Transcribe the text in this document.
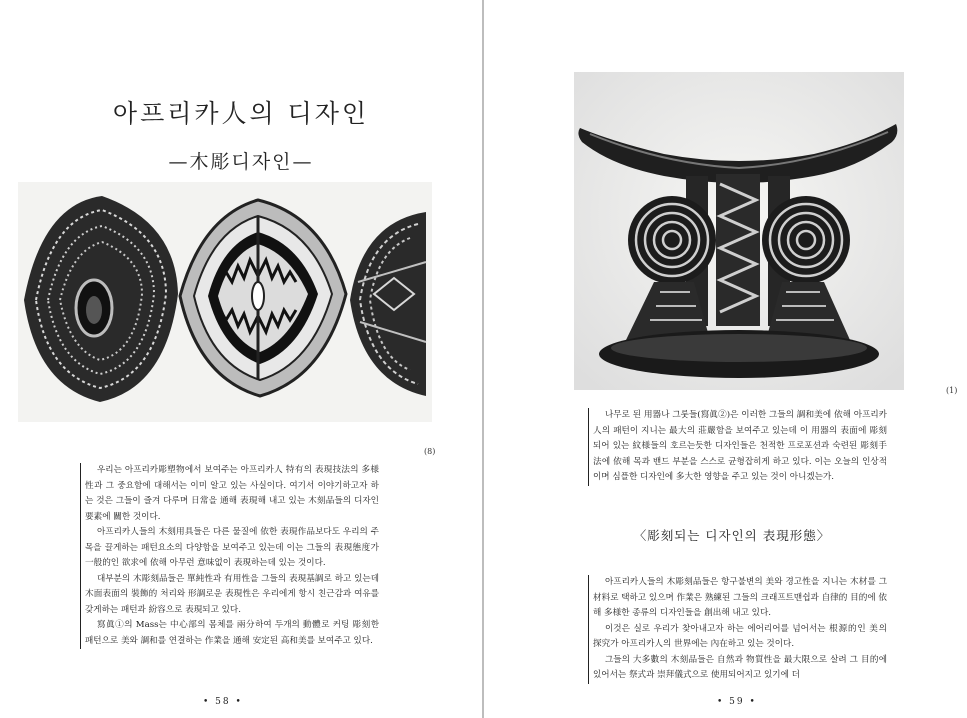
아프리카人의 디자인
—木彫디자인—
(8)

우리는 아프리카彫塑物에서 보여주는 아프리카人 特有의 表現技法의 多様性과 그 중요함에 대해서는 이미 알고 있는 사실이다. 여기서 이야기하고자 하는 것은 그들이 즐겨 다루며 日常을 通해 表現해 내고 있는 木刻品들의 디자인要素에 關한 것이다.

아프리카人들의 木刻用具들은 다른 물질에 依한 表現作品보다도 우리의 주목을 끌게하는 패턴요소의 다양함을 보여주고 있는데 이는 그들의 表現態度가 一般的인 欲求에 依해 아무런 意味없이 表現하는데 있는 것이다.

대부분의 木彫刻品들은 單純性과 有用性을 그들의 表現基調로 하고 있는데 木面表面의 裝飾的 처리와 形調로운 表現性은 우리에게 항시 친근감과 여유를 갖게하는 패턴과 紛容으로 表現되고 있다.

寫眞①의 Mass는 中心部의 몸체를 兩分하여 두개의 動體로 커팅 彫刻한 패턴으로 美와 調和를 연결하는 作業을 通해 安定된 高和美를 보여주고 있다.

• 58 •
(1)

나무로 된 用器나 그룻들(寫眞②)은 이러한 그들의 調和美에 依해 아프리카人의 패턴이 지니는 最大의 莊嚴함을 보여주고 있는데 이 用器의 表面에 彫刻되어 있는 紋様들의 호르는듯한 디자인들은 천적한 프로포션과 숙련된 彫刻手法에 依해 목과 밴드 부분을 스스로 균형잡히게 하고 있다. 이는 오늘의 인상적이며 심플한 디자인에 多大한 영향을 주고 있는 것이 아니겠는가.

〈彫刻되는 디자인의 表現形態〉

아프리카人들의 木彫刻品들은 항구불변의 美와 경고性을 지니는 木材를 그 材料로 택하고 있으며 作業은 熟練된 그들의 크래프트맨쉽과 自律的 目的에 依해 多様한 종류의 디자인들을 創出해 내고 있다.

이것은 실로 우리가 찾아내고자 하는 에어리어를 넘어서는 根源的인 美의 探究가 아프리카人의 世界에는 內在하고 있는 것이다.

그들의 大多數의 木刻品들은 自然과 物質性을 最大限으로 살려 그 目的에 있어서는 祭式과 崇拜儀式으로 使用되어지고 있기에 더

• 59 •
